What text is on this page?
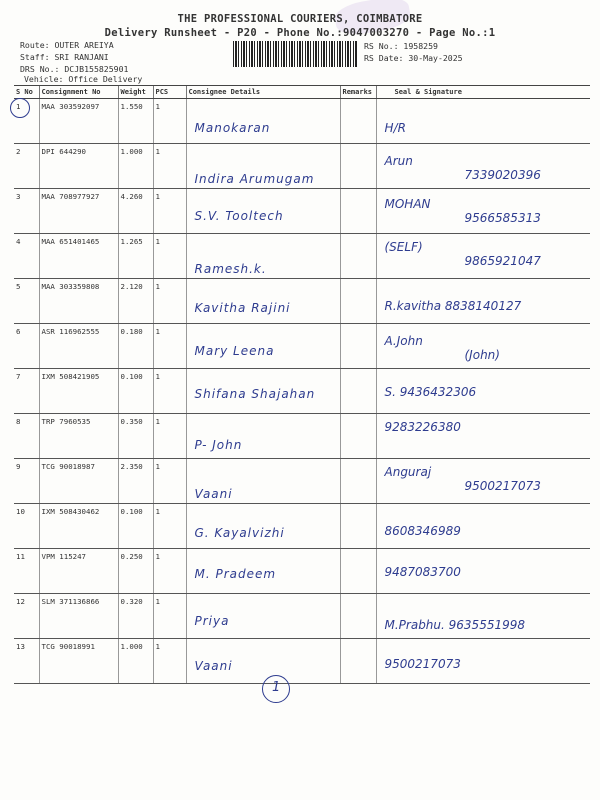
THE PROFESSIONAL COURIERS, COIMBATORE
Delivery Runsheet - P20 - Phone No.:9047003270 - Page No.:1
Route: OUTER AREIYA
Staff: SRI RANJANI
DRS No.: DCJB155825901
Vehicle: Office Delivery
RS No.: 1958259
RS Date: 30-May-2025
S No	Consignment No	Weight	PCS	Consignee Details	Remarks	Seal & Signature
1	MAA 303592097	1.550	1	Manokaran		H/R

2	DPI 644290	1.000	1	Indira Arumugam		Arun
7339020396

3	MAA 708977927	4.260	1	S.V. Tooltech		MOHAN
9566585313

4	MAA 651401465	1.265	1	Ramesh.k.		(SELF)
9865921047

5	MAA 303359808	2.120	1	Kavitha Rajini		R.kavitha 8838140127

6	ASR 116962555	0.180	1	Mary Leena		A.John
(John)

7	IXM 508421905	0.100	1	Shifana Shajahan		S. 9436432306

8	TRP 7960535	0.350	1	P- John		9283226380

9	TCG 90018987	2.350	1	Vaani		Anguraj
9500217073

10	IXM 508430462	0.100	1	G. Kayalvizhi		8608346989

11	VPM 115247	0.250	1	M. Pradeem		9487083700

12	SLM 371136866	0.320	1	Priya		M.Prabhu. 9635551998

13	TCG 90018991	1.000	1	Vaani		9500217073
1
